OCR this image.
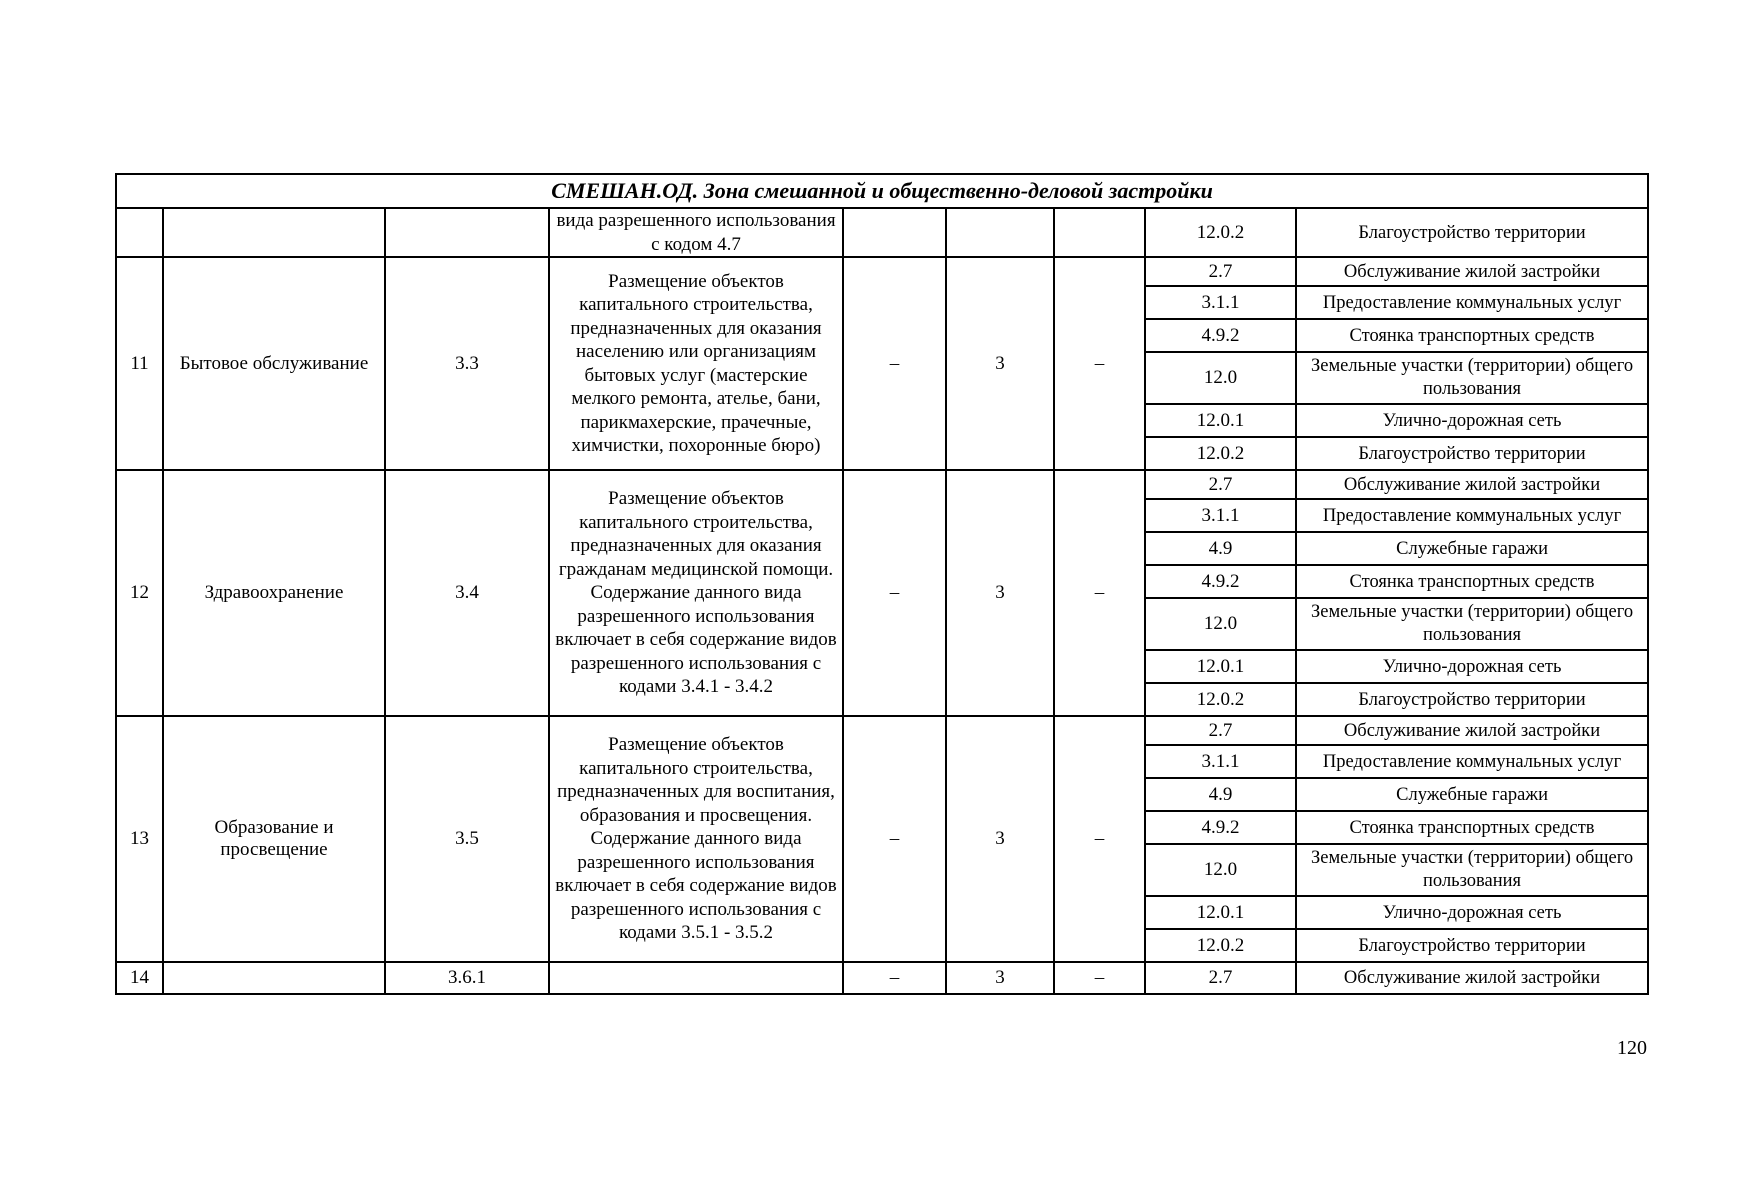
СМЕШАН.ОД. Зона смешанной и общественно-деловой застройки								
			вида разрешенного использования с кодом 4.7				12.0.2	Благоустройство территории
11	Бытовое обслуживание	3.3	Размещение объектов капитального строительства, предназначенных для оказания населению или организациям бытовых услуг (мастерские мелкого ремонта, ателье, бани, парикмахерские, прачечные, химчистки, похоронные бюро)	–	3	–	2.7	Обслуживание жилой застройки
							3.1.1	Предоставление коммунальных услуг
							4.9.2	Стоянка транспортных средств
							12.0	Земельные участки (территории) общего пользования
							12.0.1	Улично-дорожная сеть
							12.0.2	Благоустройство территории
12	Здравоохранение	3.4	Размещение объектов капитального строительства, предназначенных для оказания гражданам медицинской помощи. Содержание данного вида разрешенного использования включает в себя содержание видов разрешенного использования с кодами 3.4.1 - 3.4.2	–	3	–	2.7	Обслуживание жилой застройки
							3.1.1	Предоставление коммунальных услуг
							4.9	Служебные гаражи
							4.9.2	Стоянка транспортных средств
							12.0	Земельные участки (территории) общего пользования
							12.0.1	Улично-дорожная сеть
							12.0.2	Благоустройство территории
13	Образование и просвещение	3.5	Размещение объектов капитального строительства, предназначенных для воспитания, образования и просвещения. Содержание данного вида разрешенного использования включает в себя содержание видов разрешенного использования с кодами 3.5.1 - 3.5.2	–	3	–	2.7	Обслуживание жилой застройки
							3.1.1	Предоставление коммунальных услуг
							4.9	Служебные гаражи
							4.9.2	Стоянка транспортных средств
							12.0	Земельные участки (территории) общего пользования
							12.0.1	Улично-дорожная сеть
							12.0.2	Благоустройство территории
14		3.6.1		–	3	–	2.7	Обслуживание жилой застройки
120
